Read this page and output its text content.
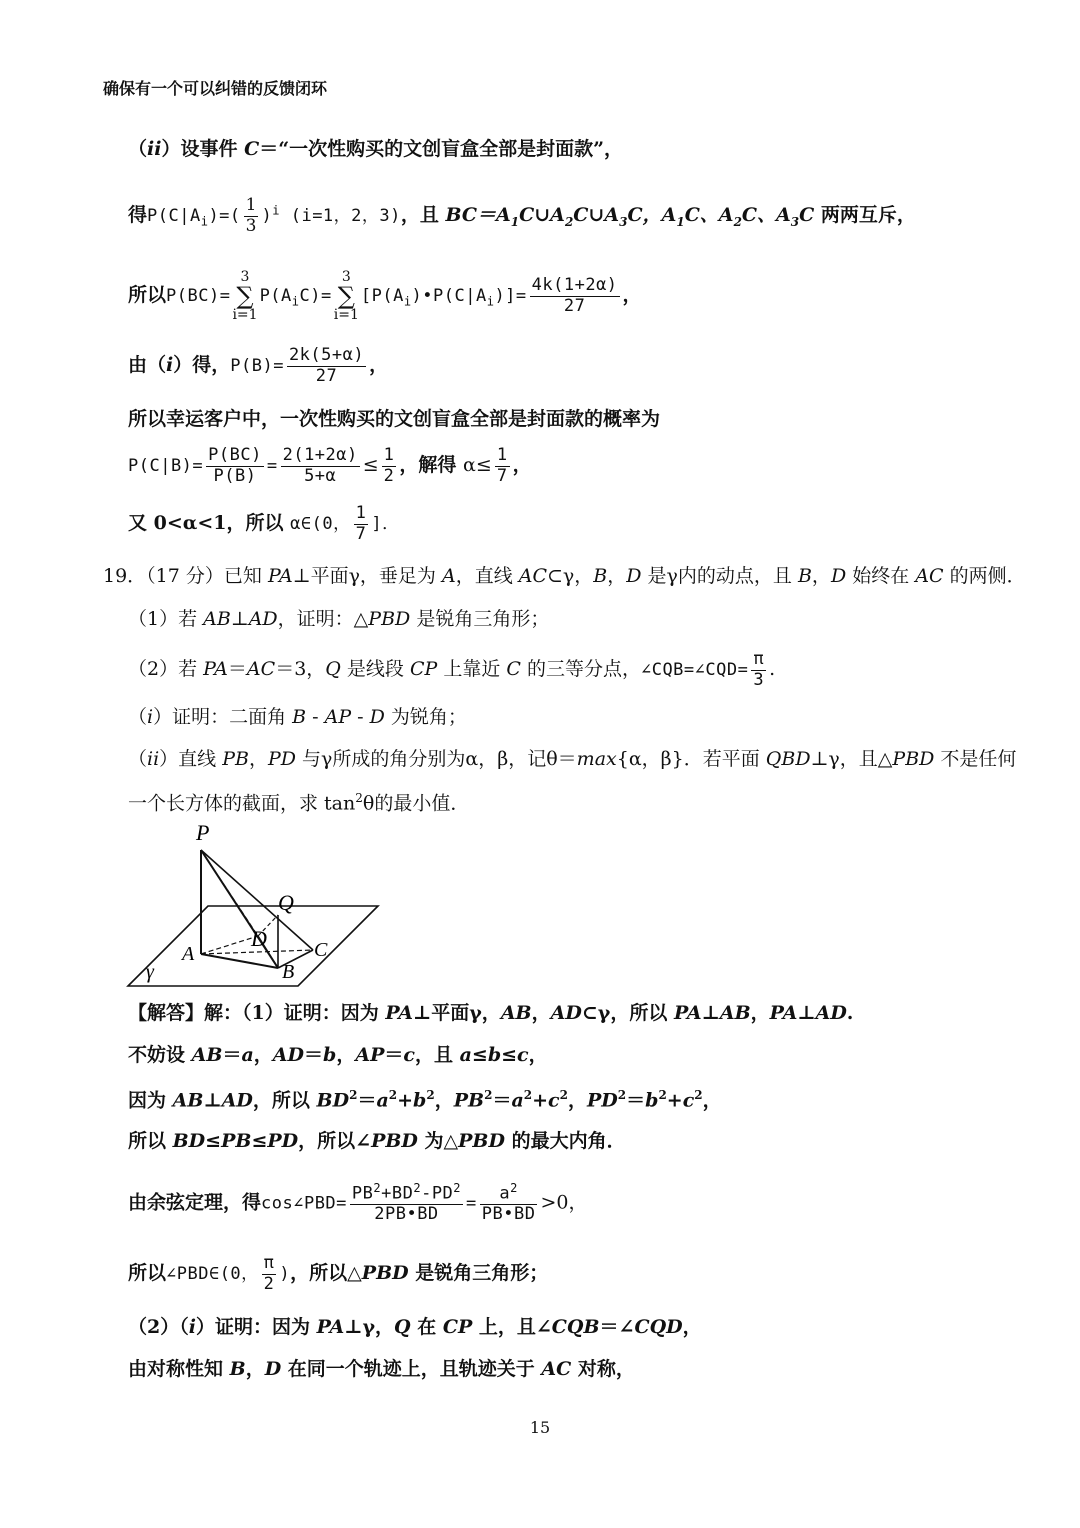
确保有一个可以纠错的反馈闭环
（ii）设事件 C＝“一次性购买的文创盲盒全部是封面款”，
得$P(C|A_i)=( \frac{1}{3} )^i$ (i=1，2，3)，且 $BC=A_1C\cup A_2C\cup A_3C$，$A_1C$、$A_2C$、$A_3C$ 两两互斥，
所以P(BC)=3
∑
$i=1P(A_iC)=3$
∑
$i=1[P(A_i)•P(C|A_i)]= \frac{4k(1+2\alpha)}{27}$ ，
由（i）得，$P(B)= \frac{2k(5+\alpha)}{27}$ ，
所以幸运客户中，一次性购买的文创盲盒全部是封面款的概率为
$P(C|B)= \frac{P(BC)}{P(B)} = \frac{2(1+2\alpha)}{5+\alpha} \le \frac{1}{2}$ ，解得 $\alpha\le \frac{1}{7}$ ，
又 0<α<1，所以 α∈(0， $\frac{1}{7}$ ]．
19．（17 分）已知 PA⊥平面γ，垂足为 A，直线 AC⊂γ，B，D 是γ内的动点，且 B，D 始终在 AC 的两侧．
（1）若 AB⊥AD，证明：△PBD 是锐角三角形；
（2）若 PA＝AC＝3，Q 是线段 CP 上靠近 C 的三等分点，∠CQB=∠CQD= $\frac{\pi}{3}$ .
（i）证明：二面角 B - AP - D 为锐角；
（ii）直线 PB，PD 与γ所成的角分别为α，β，记θ＝max{α，β}．若平面 QBD⊥γ，且△PBD 不是任何
一个长方体的截面，求 $\tan^2\theta$的最小值．
P
Q
A
D C
B
γ
【解答】解：（1）证明：因为 PA⊥平面γ，AB，AD⊂γ，所以 PA⊥AB，PA⊥AD.
不妨设 AB＝a，AD＝b，AP＝c，且 a≤b≤c，
因为 AB⊥AD，所以 $BD^2=a^2+b^2$，$PB^2=a^2+c^2$，$PD^2=b^2+c^2$，
所以 BD≤PB≤PD，所以∠PBD 为△PBD 的最大内角．
由余弦定理，得cos∠PBD= $\frac{PB^2+BD^2-PD^2}{2PB•BD} = \frac{a^2}{PB•BD} >0$，
所以∠PBD∈(0， $\frac{\pi}{2}$ )，所以△PBD 是锐角三角形；
（2）（i）证明：因为 PA⊥γ，Q 在 CP 上，且∠CQB＝∠CQD，
由对称性知 B，D 在同一个轨迹上，且轨迹关于 AC 对称，
15
